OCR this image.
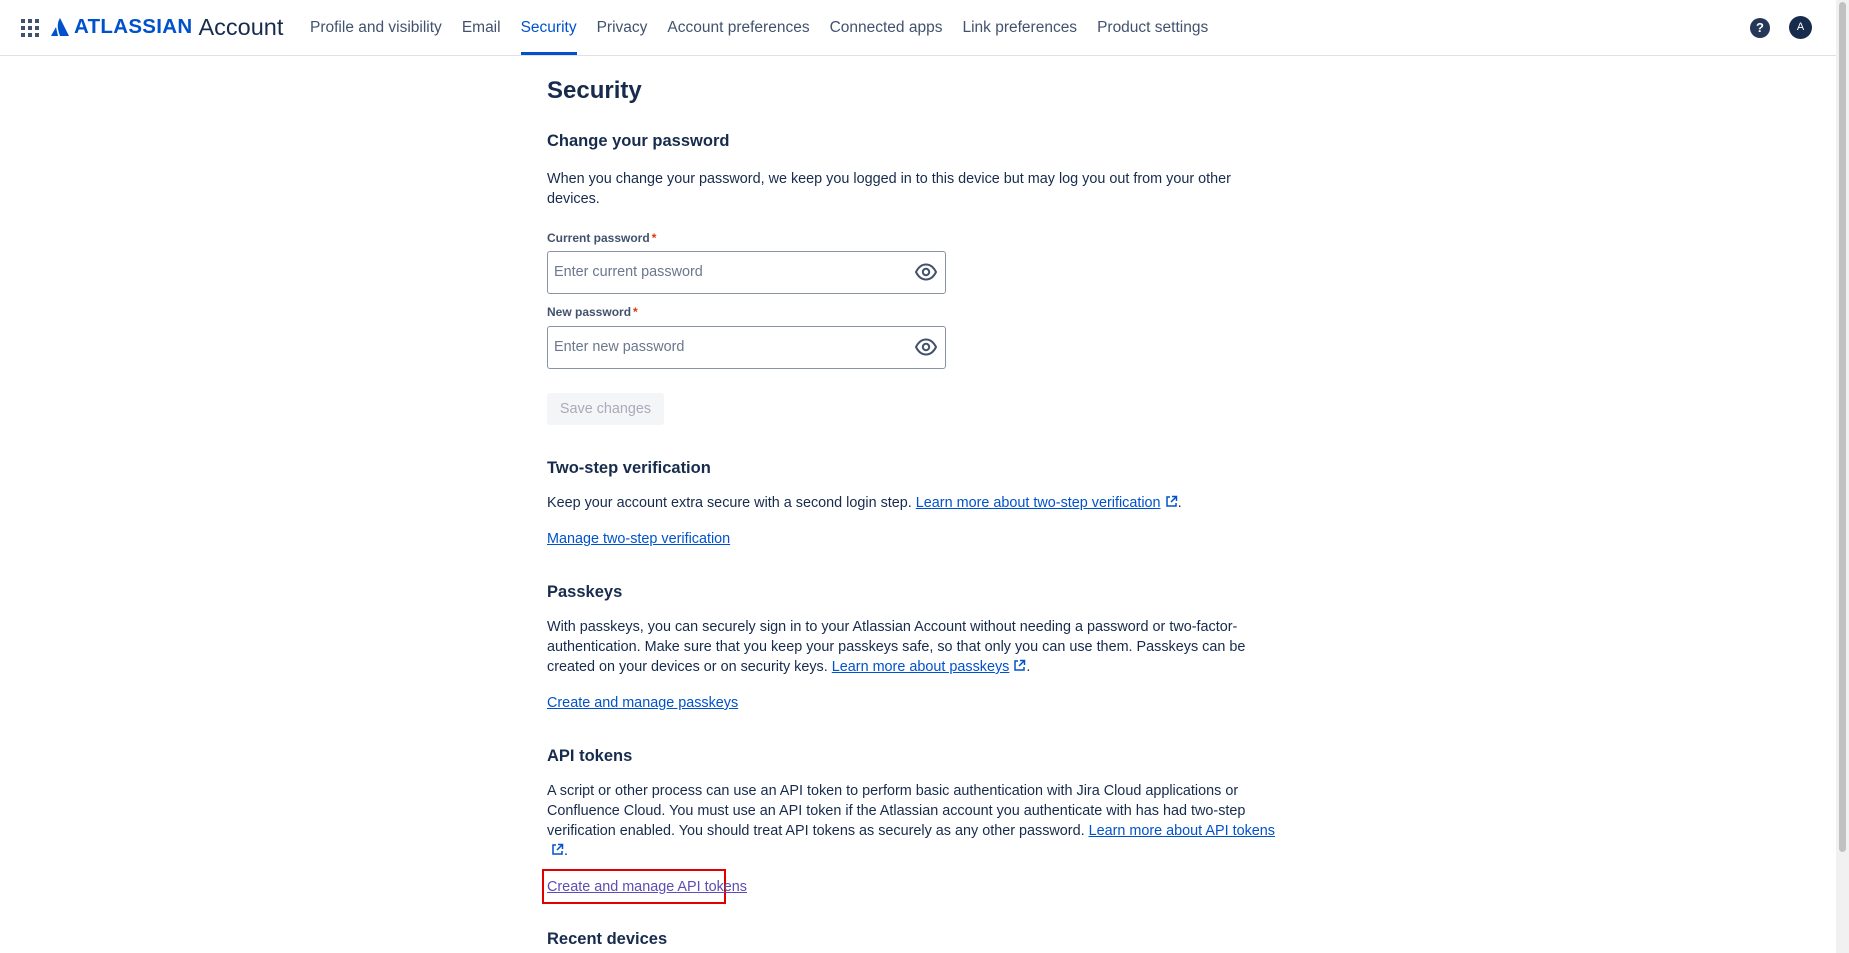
ATLASSIAN Account Profile and visibility Email Security Privacy Account preferences Connected apps Link preferences Product settings	?	A
Security
Change your password

When you change your password, we keep you logged in to this device but may log you out from your other devices.

Current password *
New password *
Save changes
Two-step verification

Keep your account extra secure with a second login step. Learn more about two-step verification .

Manage two-step verification
Passkeys

With passkeys, you can securely sign in to your Atlassian Account without needing a password or two-factor-authentication. Make sure that you keep your passkeys safe, so that only you can use them. Passkeys can be created on your devices or on security keys. Learn more about passkeys .

Create and manage passkeys
API tokens

A script or other process can use an API token to perform basic authentication with Jira Cloud applications or Confluence Cloud. You must use an API token if the Atlassian account you authenticate with has had two-step verification enabled. You should treat API tokens as securely as any other password. Learn more about API tokens.

Create and manage API tokens
Recent devices
